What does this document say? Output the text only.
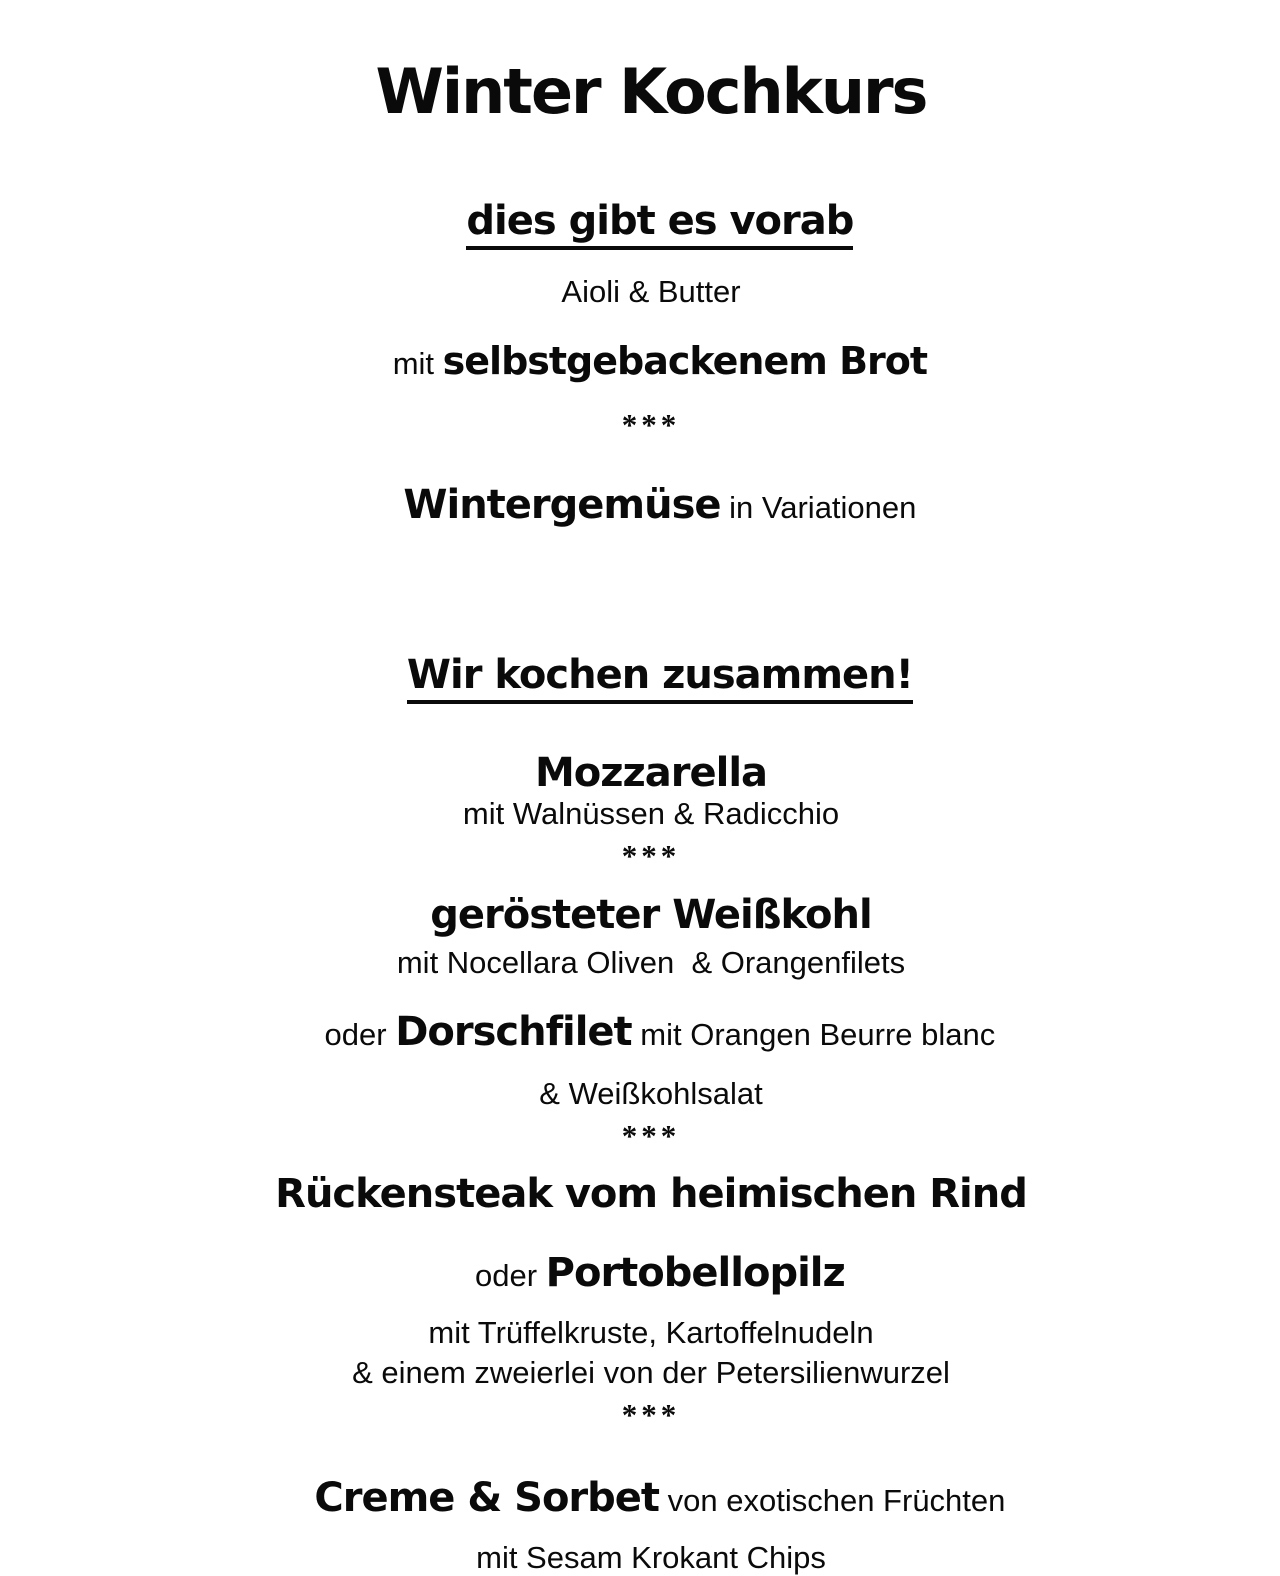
Winter Kochkurs

dies gibt es vorab

Aioli & Butter

mit selbstgebackenem Brot

***

Wintergemüse in Variationen

Wir kochen zusammen!

Mozzarella
mit Walnüssen & Radicchio
***
gerösteter Weißkohl
mit Nocellara Oliven  & Orangenfilets

oder Dorschfilet mit Orangen Beurre blanc

& Weißkohlsalat
***
Rückensteak vom heimischen Rind

oder Portobellopilz

mit Trüffelkruste, Kartoffelnudeln
& einem zweierlei von der Petersilienwurzel
***

Creme & Sorbet von exotischen Früchten

mit Sesam Krokant Chips
